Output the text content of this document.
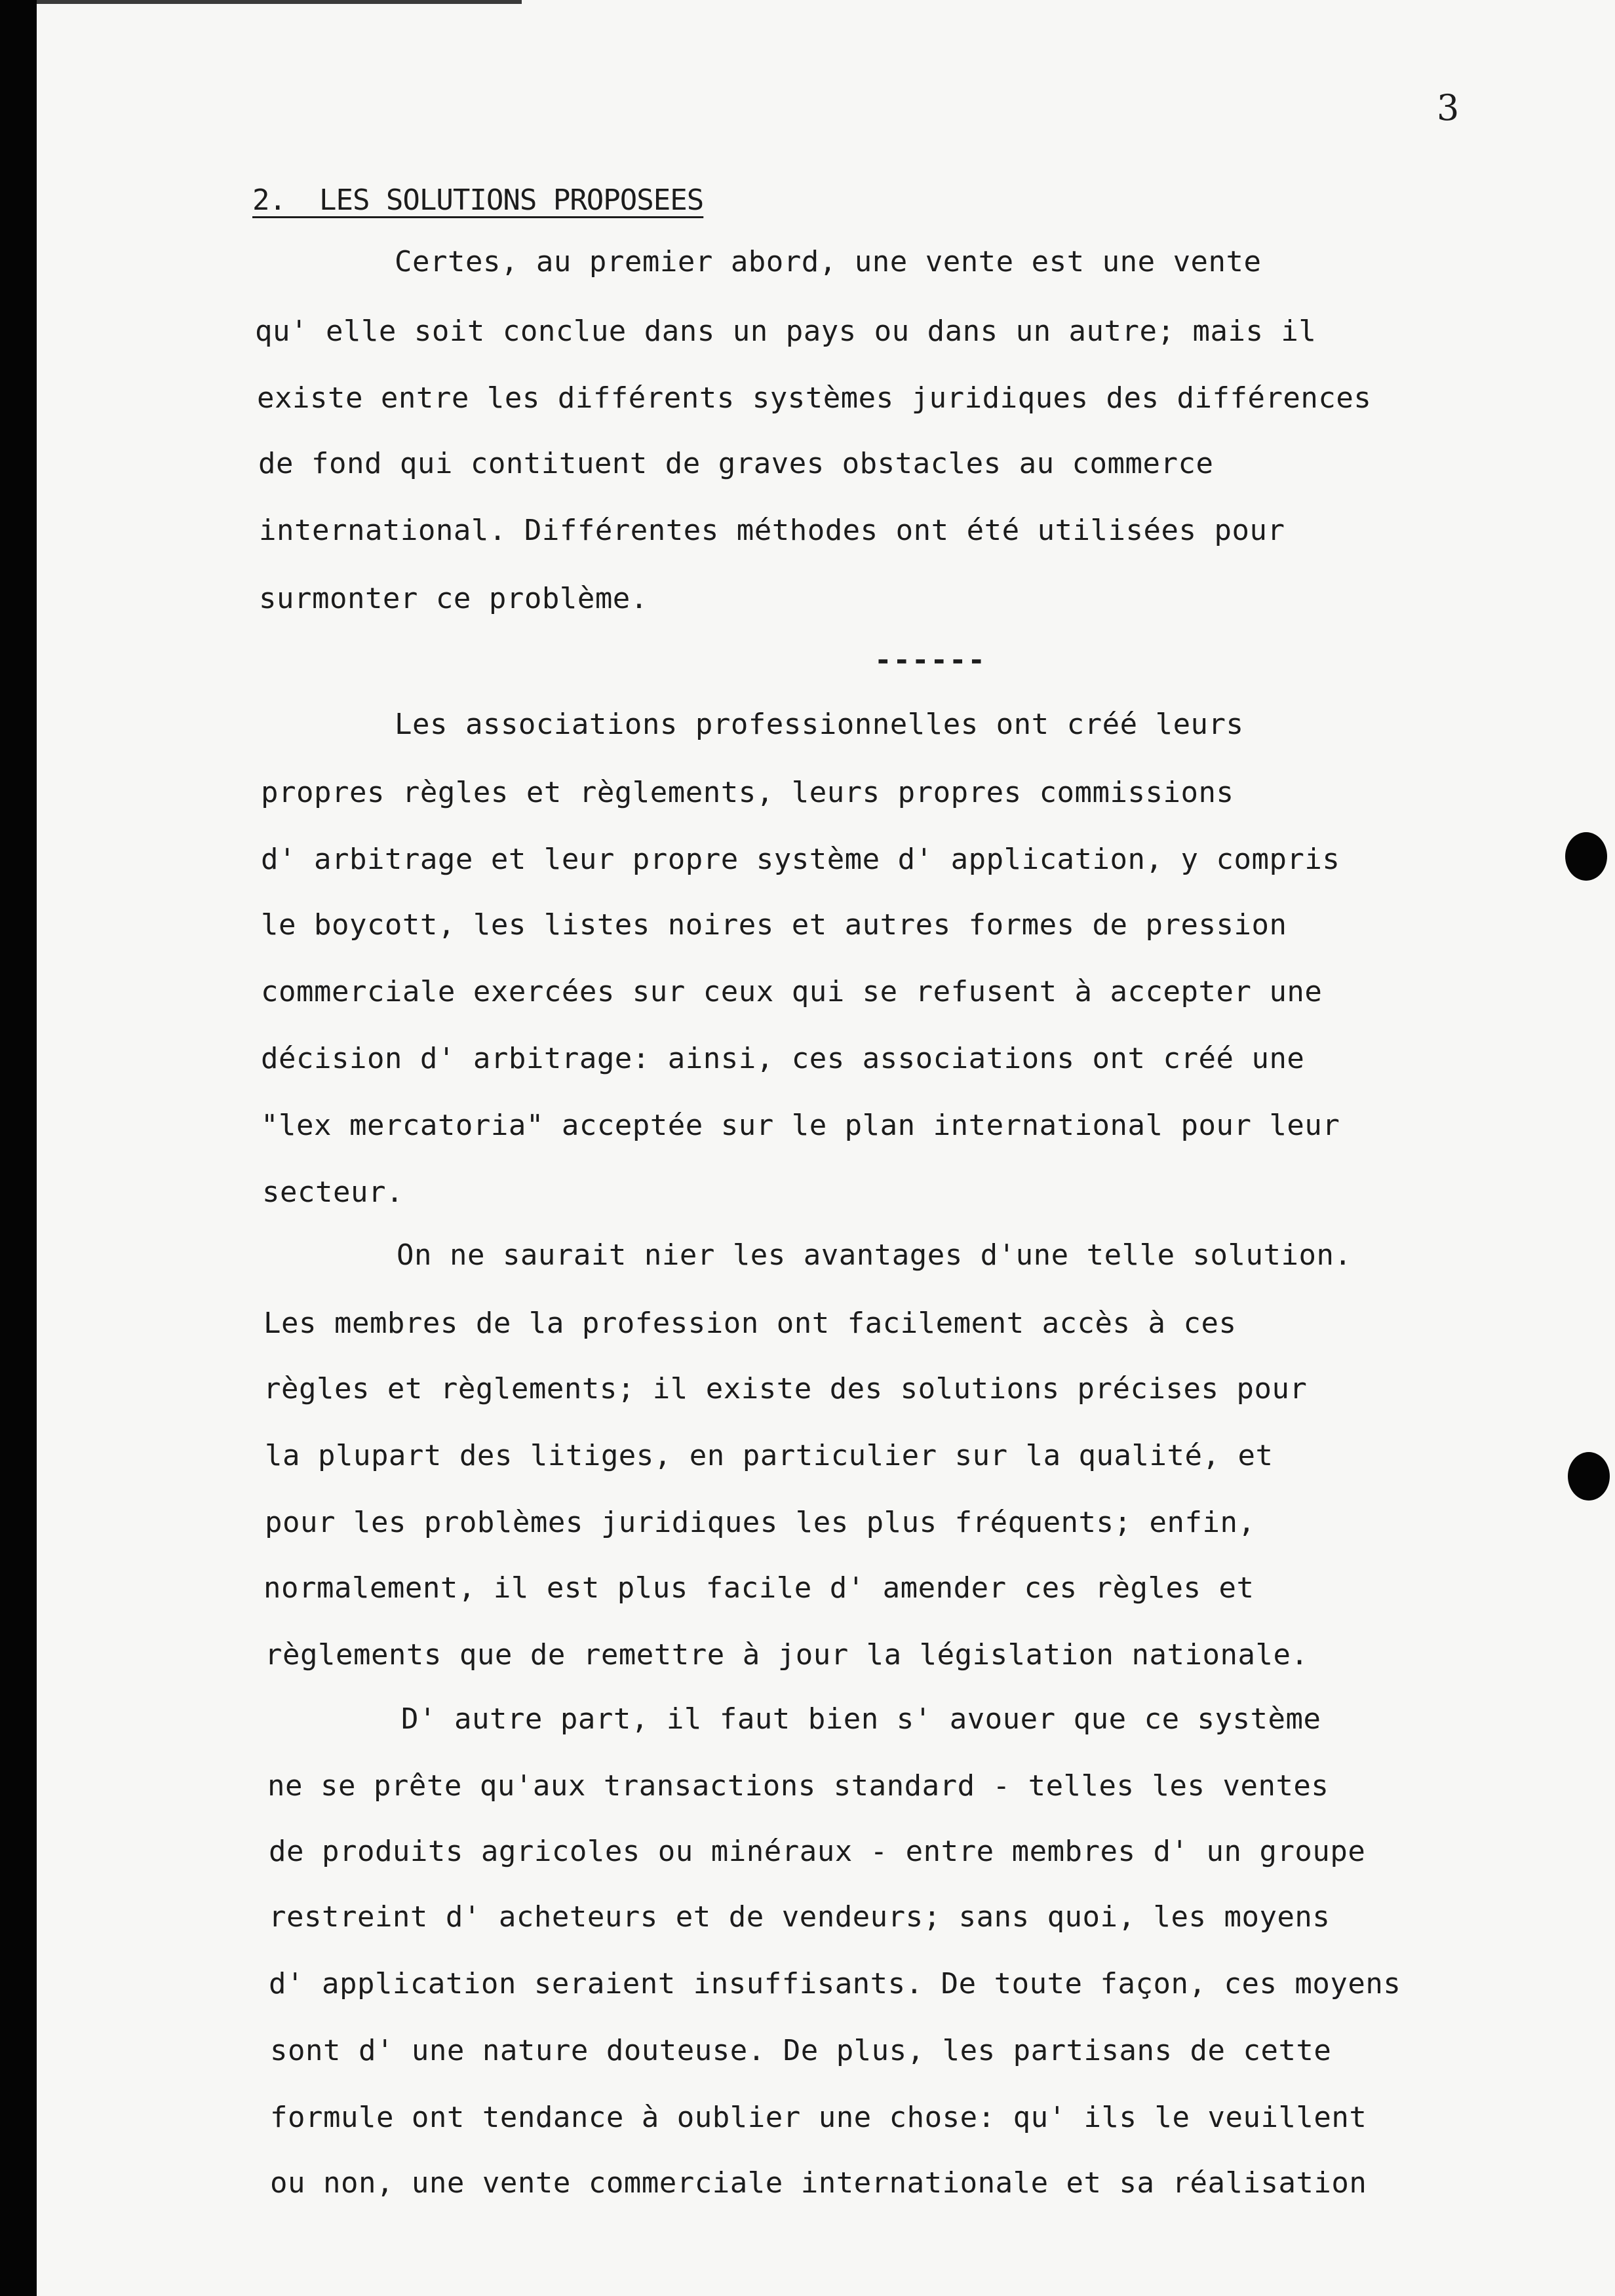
3
2.  LES SOLUTIONS PROPOSEES
Certes, au premier abord, une vente est une vente
qu' elle soit conclue dans un pays ou dans un autre; mais il
existe entre les différents systèmes juridiques des différences
de fond qui contituent de graves obstacles au commerce
international. Différentes méthodes ont été utilisées pour
surmonter ce problème.
------
Les associations professionnelles ont créé leurs
propres règles et règlements, leurs propres commissions
d' arbitrage et leur propre système d' application, y compris
le boycott, les listes noires et autres formes de pression
commerciale exercées sur ceux qui se refusent à accepter une
décision d' arbitrage: ainsi, ces associations ont créé une
"lex mercatoria" acceptée sur le plan international pour leur
secteur.
On ne saurait nier les avantages d'une telle solution.
Les membres de la profession ont facilement accès à ces
règles et règlements; il existe des solutions précises pour
la plupart des litiges, en particulier sur la qualité, et
pour les problèmes juridiques les plus fréquents; enfin,
normalement, il est plus facile d' amender ces règles et
règlements que de remettre à jour la législation nationale.
D' autre part, il faut bien s' avouer que ce système
ne se prête qu'aux transactions standard - telles les ventes
de produits agricoles ou minéraux - entre membres d' un groupe
restreint d' acheteurs et de vendeurs; sans quoi, les moyens
d' application seraient insuffisants. De toute façon, ces moyens
sont d' une nature douteuse. De plus, les partisans de cette
formule ont tendance à oublier une chose: qu' ils le veuillent
ou non, une vente commerciale internationale et sa réalisation
